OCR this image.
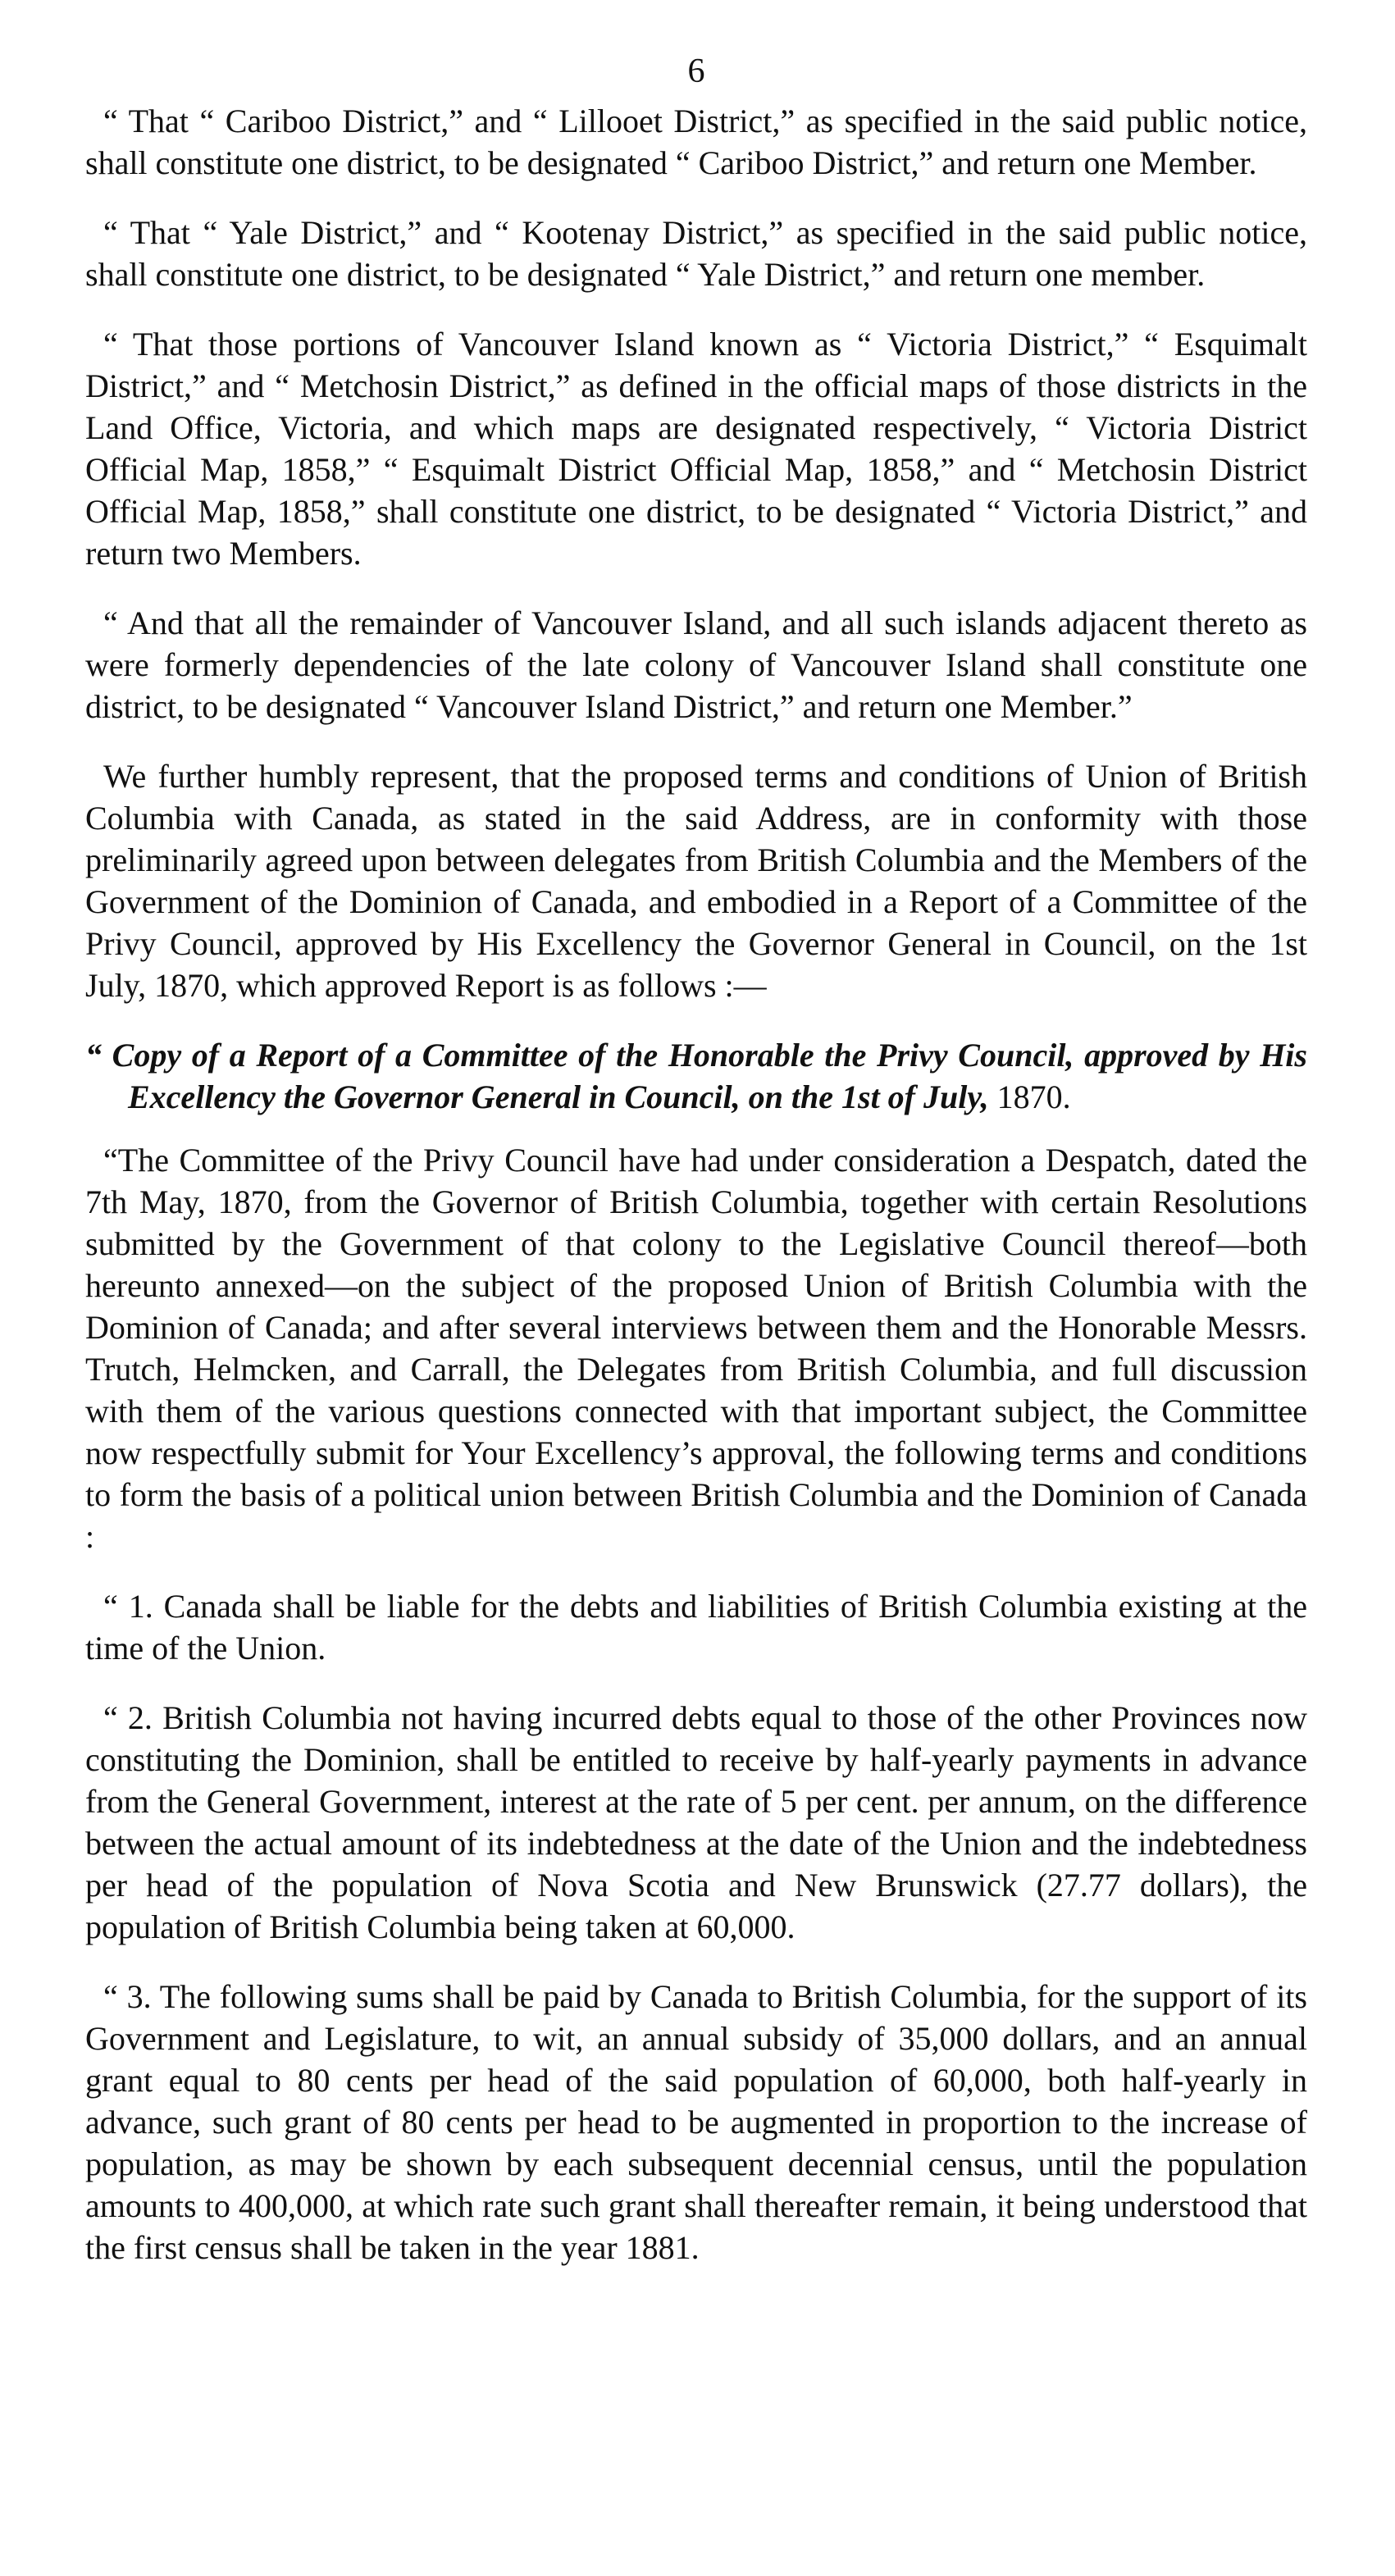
6

“ That “ Cariboo District,” and “ Lillooet District,” as specified in the said public notice, shall constitute one district, to be designated “ Cariboo District,” and return one Member.

“ That “ Yale District,” and “ Kootenay District,” as specified in the said public notice, shall constitute one district, to be designated “ Yale District,” and return one member.

“ That those portions of Vancouver Island known as “ Victoria District,” “ Esquimalt District,” and “ Metchosin District,” as defined in the official maps of those districts in the Land Office, Victoria, and which maps are designated respectively, “ Victoria District Official Map, 1858,” “ Esquimalt District Official Map, 1858,” and “ Metchosin District Official Map, 1858,” shall constitute one district, to be designated “ Victoria District,” and return two Members.

“ And that all the remainder of Vancouver Island, and all such islands adjacent thereto as were formerly dependencies of the late colony of Vancouver Island shall constitute one district, to be designated “ Vancouver Island District,” and return one Member.”

We further humbly represent, that the proposed terms and conditions of Union of British Columbia with Canada, as stated in the said Address, are in conformity with those preliminarily agreed upon between delegates from British Columbia and the Members of the Government of the Dominion of Canada, and embodied in a Report of a Committee of the Privy Council, approved by His Excellency the Governor General in Council, on the 1st July, 1870, which approved Report is as follows :—

“ Copy of a Report of a Committee of the Honorable the Privy Council, approved by His Excellency the Governor General in Council, on the 1st of July, 1870.

“The Committee of the Privy Council have had under consideration a Despatch, dated the 7th May, 1870, from the Governor of British Columbia, together with certain Resolutions submitted by the Government of that colony to the Legislative Council thereof—both hereunto annexed—on the subject of the proposed Union of British Columbia with the Dominion of Canada; and after several interviews between them and the Honorable Messrs. Trutch, Helmcken, and Carrall, the Delegates from British Columbia, and full discussion with them of the various questions connected with that important subject, the Committee now respectfully submit for Your Excellency’s approval, the following terms and conditions to form the basis of a political union between British Columbia and the Dominion of Canada :

“ 1. Canada shall be liable for the debts and liabilities of British Columbia existing at the time of the Union.

“ 2. British Columbia not having incurred debts equal to those of the other Provinces now constituting the Dominion, shall be entitled to receive by half-yearly payments in advance from the General Government, interest at the rate of 5 per cent. per annum, on the difference between the actual amount of its indebtedness at the date of the Union and the indebtedness per head of the population of Nova Scotia and New Brunswick (27.77 dollars), the population of British Columbia being taken at 60,000.

“ 3. The following sums shall be paid by Canada to British Columbia, for the support of its Government and Legislature, to wit, an annual subsidy of 35,000 dollars, and an annual grant equal to 80 cents per head of the said population of 60,000, both half-yearly in advance, such grant of 80 cents per head to be augmented in proportion to the increase of population, as may be shown by each subsequent decennial census, until the population amounts to 400,000, at which rate such grant shall thereafter remain, it being understood that the first census shall be taken in the year 1881.
